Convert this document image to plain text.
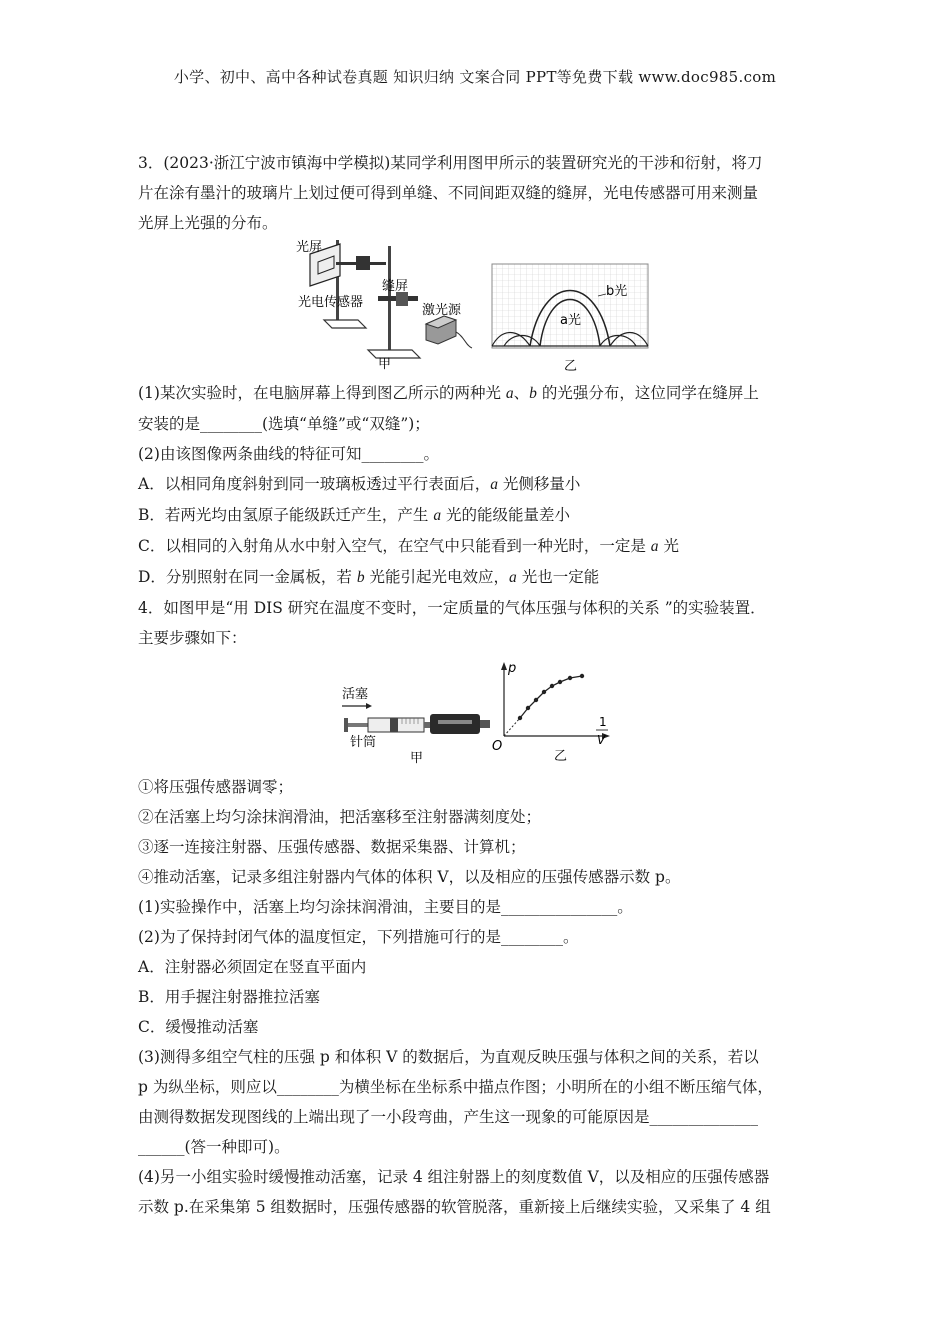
小学、初中、高中各种试卷真题 知识归纳 文案合同 PPT等免费下载 www.doc985.com

3．(2023·浙江宁波市镇海中学模拟)某同学利用图甲所示的装置研究光的干涉和衍射，将刀

片在涂有墨汁的玻璃片上划过便可得到单缝、不同间距双缝的缝屏，光电传感器可用来测量

光屏上光强的分布。

光屏
光电传感器
缝屏
激光源
甲
b光
a光
乙

(1)某次实验时，在电脑屏幕上得到图乙所示的两种光 a、b 的光强分布，这位同学在缝屏上

安装的是________(选填“单缝”或“双缝”)；

(2)由该图像两条曲线的特征可知________。

A．以相同角度斜射到同一玻璃板透过平行表面后，a 光侧移量小

B．若两光均由氢原子能级跃迁产生，产生 a 光的能级能量差小

C．以相同的入射角从水中射入空气，在空气中只能看到一种光时，一定是 a 光

D．分别照射在同一金属板，若 b 光能引起光电效应，a 光也一定能

4．如图甲是“用 DIS 研究在温度不变时，一定质量的气体压强与体积的关系 ”的实验装置．

主要步骤如下：

活塞
针筒
甲
p
O
1
V
乙

①将压强传感器调零；

②在活塞上均匀涂抹润滑油，把活塞移至注射器满刻度处；

③逐一连接注射器、压强传感器、数据采集器、计算机；

④推动活塞，记录多组注射器内气体的体积 V，以及相应的压强传感器示数 p。

(1)实验操作中，活塞上均匀涂抹润滑油，主要目的是_______________。

(2)为了保持封闭气体的温度恒定，下列措施可行的是________。

A．注射器必须固定在竖直平面内

B．用手握注射器推拉活塞

C．缓慢推动活塞

(3)测得多组空气柱的压强 p 和体积 V 的数据后，为直观反映压强与体积之间的关系，若以

p 为纵坐标，则应以________为横坐标在坐标系中描点作图；小明所在的小组不断压缩气体，

由测得数据发现图线的上端出现了一小段弯曲，产生这一现象的可能原因是______________

______(答一种即可)。

(4)另一小组实验时缓慢推动活塞，记录 4 组注射器上的刻度数值 V，以及相应的压强传感器

示数 p.在采集第 5 组数据时，压强传感器的软管脱落，重新接上后继续实验，又采集了 4 组
